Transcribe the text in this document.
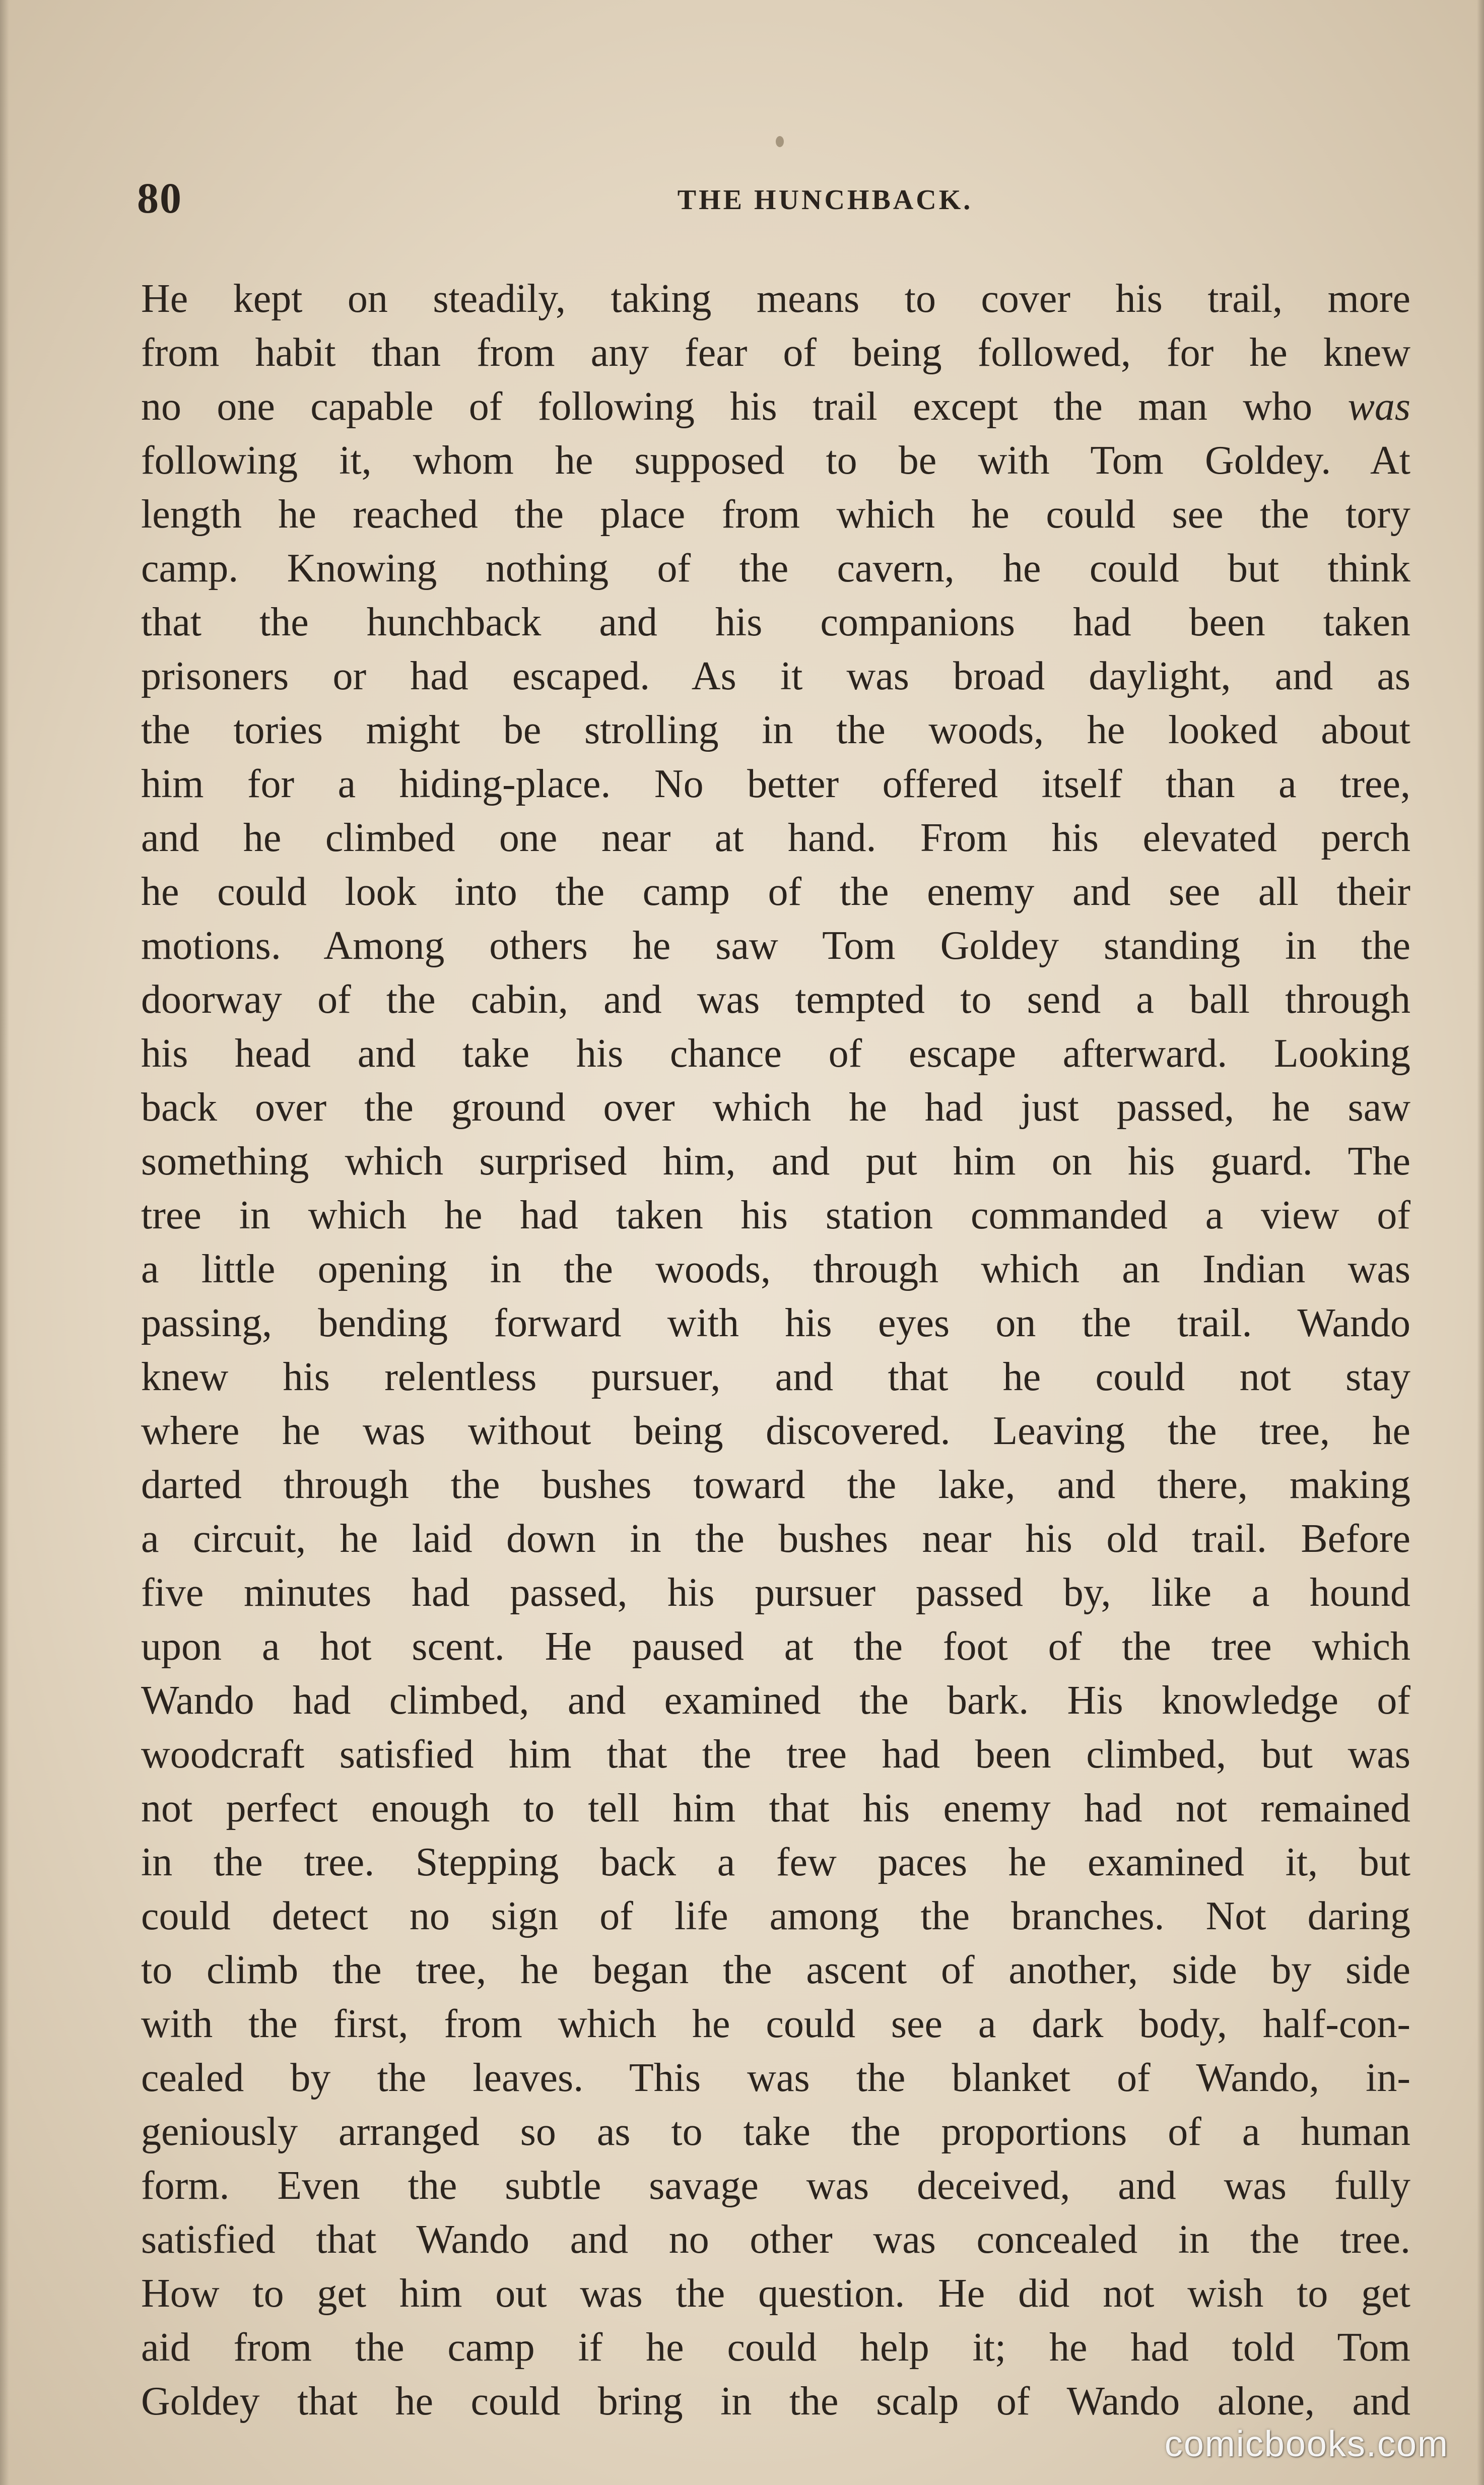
80	THE HUNCHBACK.
He kept on steadily, taking means to cover his trail, more
from habit than from any fear of being followed, for he knew
no one capable of following his trail except the man who was
following it, whom he supposed to be with Tom Goldey. At
length he reached the place from which he could see the tory
camp. Knowing nothing of the cavern, he could but think
that the hunchback and his companions had been taken
prisoners or had escaped. As it was broad daylight, and as
the tories might be strolling in the woods, he looked about
him for a hiding-place. No better offered itself than a tree,
and he climbed one near at hand. From his elevated perch
he could look into the camp of the enemy and see all their
motions. Among others he saw Tom Goldey standing in the
doorway of the cabin, and was tempted to send a ball through
his head and take his chance of escape afterward. Looking
back over the ground over which he had just passed, he saw
something which surprised him, and put him on his guard. The
tree in which he had taken his station commanded a view of
a little opening in the woods, through which an Indian was
passing, bending forward with his eyes on the trail. Wando
knew his relentless pursuer, and that he could not stay
where he was without being discovered. Leaving the tree, he
darted through the bushes toward the lake, and there, making
a circuit, he laid down in the bushes near his old trail. Before
five minutes had passed, his pursuer passed by, like a hound
upon a hot scent. He paused at the foot of the tree which
Wando had climbed, and examined the bark. His knowledge of
woodcraft satisfied him that the tree had been climbed, but was
not perfect enough to tell him that his enemy had not remained
in the tree. Stepping back a few paces he examined it, but
could detect no sign of life among the branches. Not daring
to climb the tree, he began the ascent of another, side by side
with the first, from which he could see a dark body, half-con-
cealed by the leaves. This was the blanket of Wando, in-
geniously arranged so as to take the proportions of a human
form. Even the subtle savage was deceived, and was fully
satisfied that Wando and no other was concealed in the tree.
How to get him out was the question. He did not wish to get
aid from the camp if he could help it; he had told Tom
Goldey that he could bring in the scalp of Wando alone, and
comicbooks.com
